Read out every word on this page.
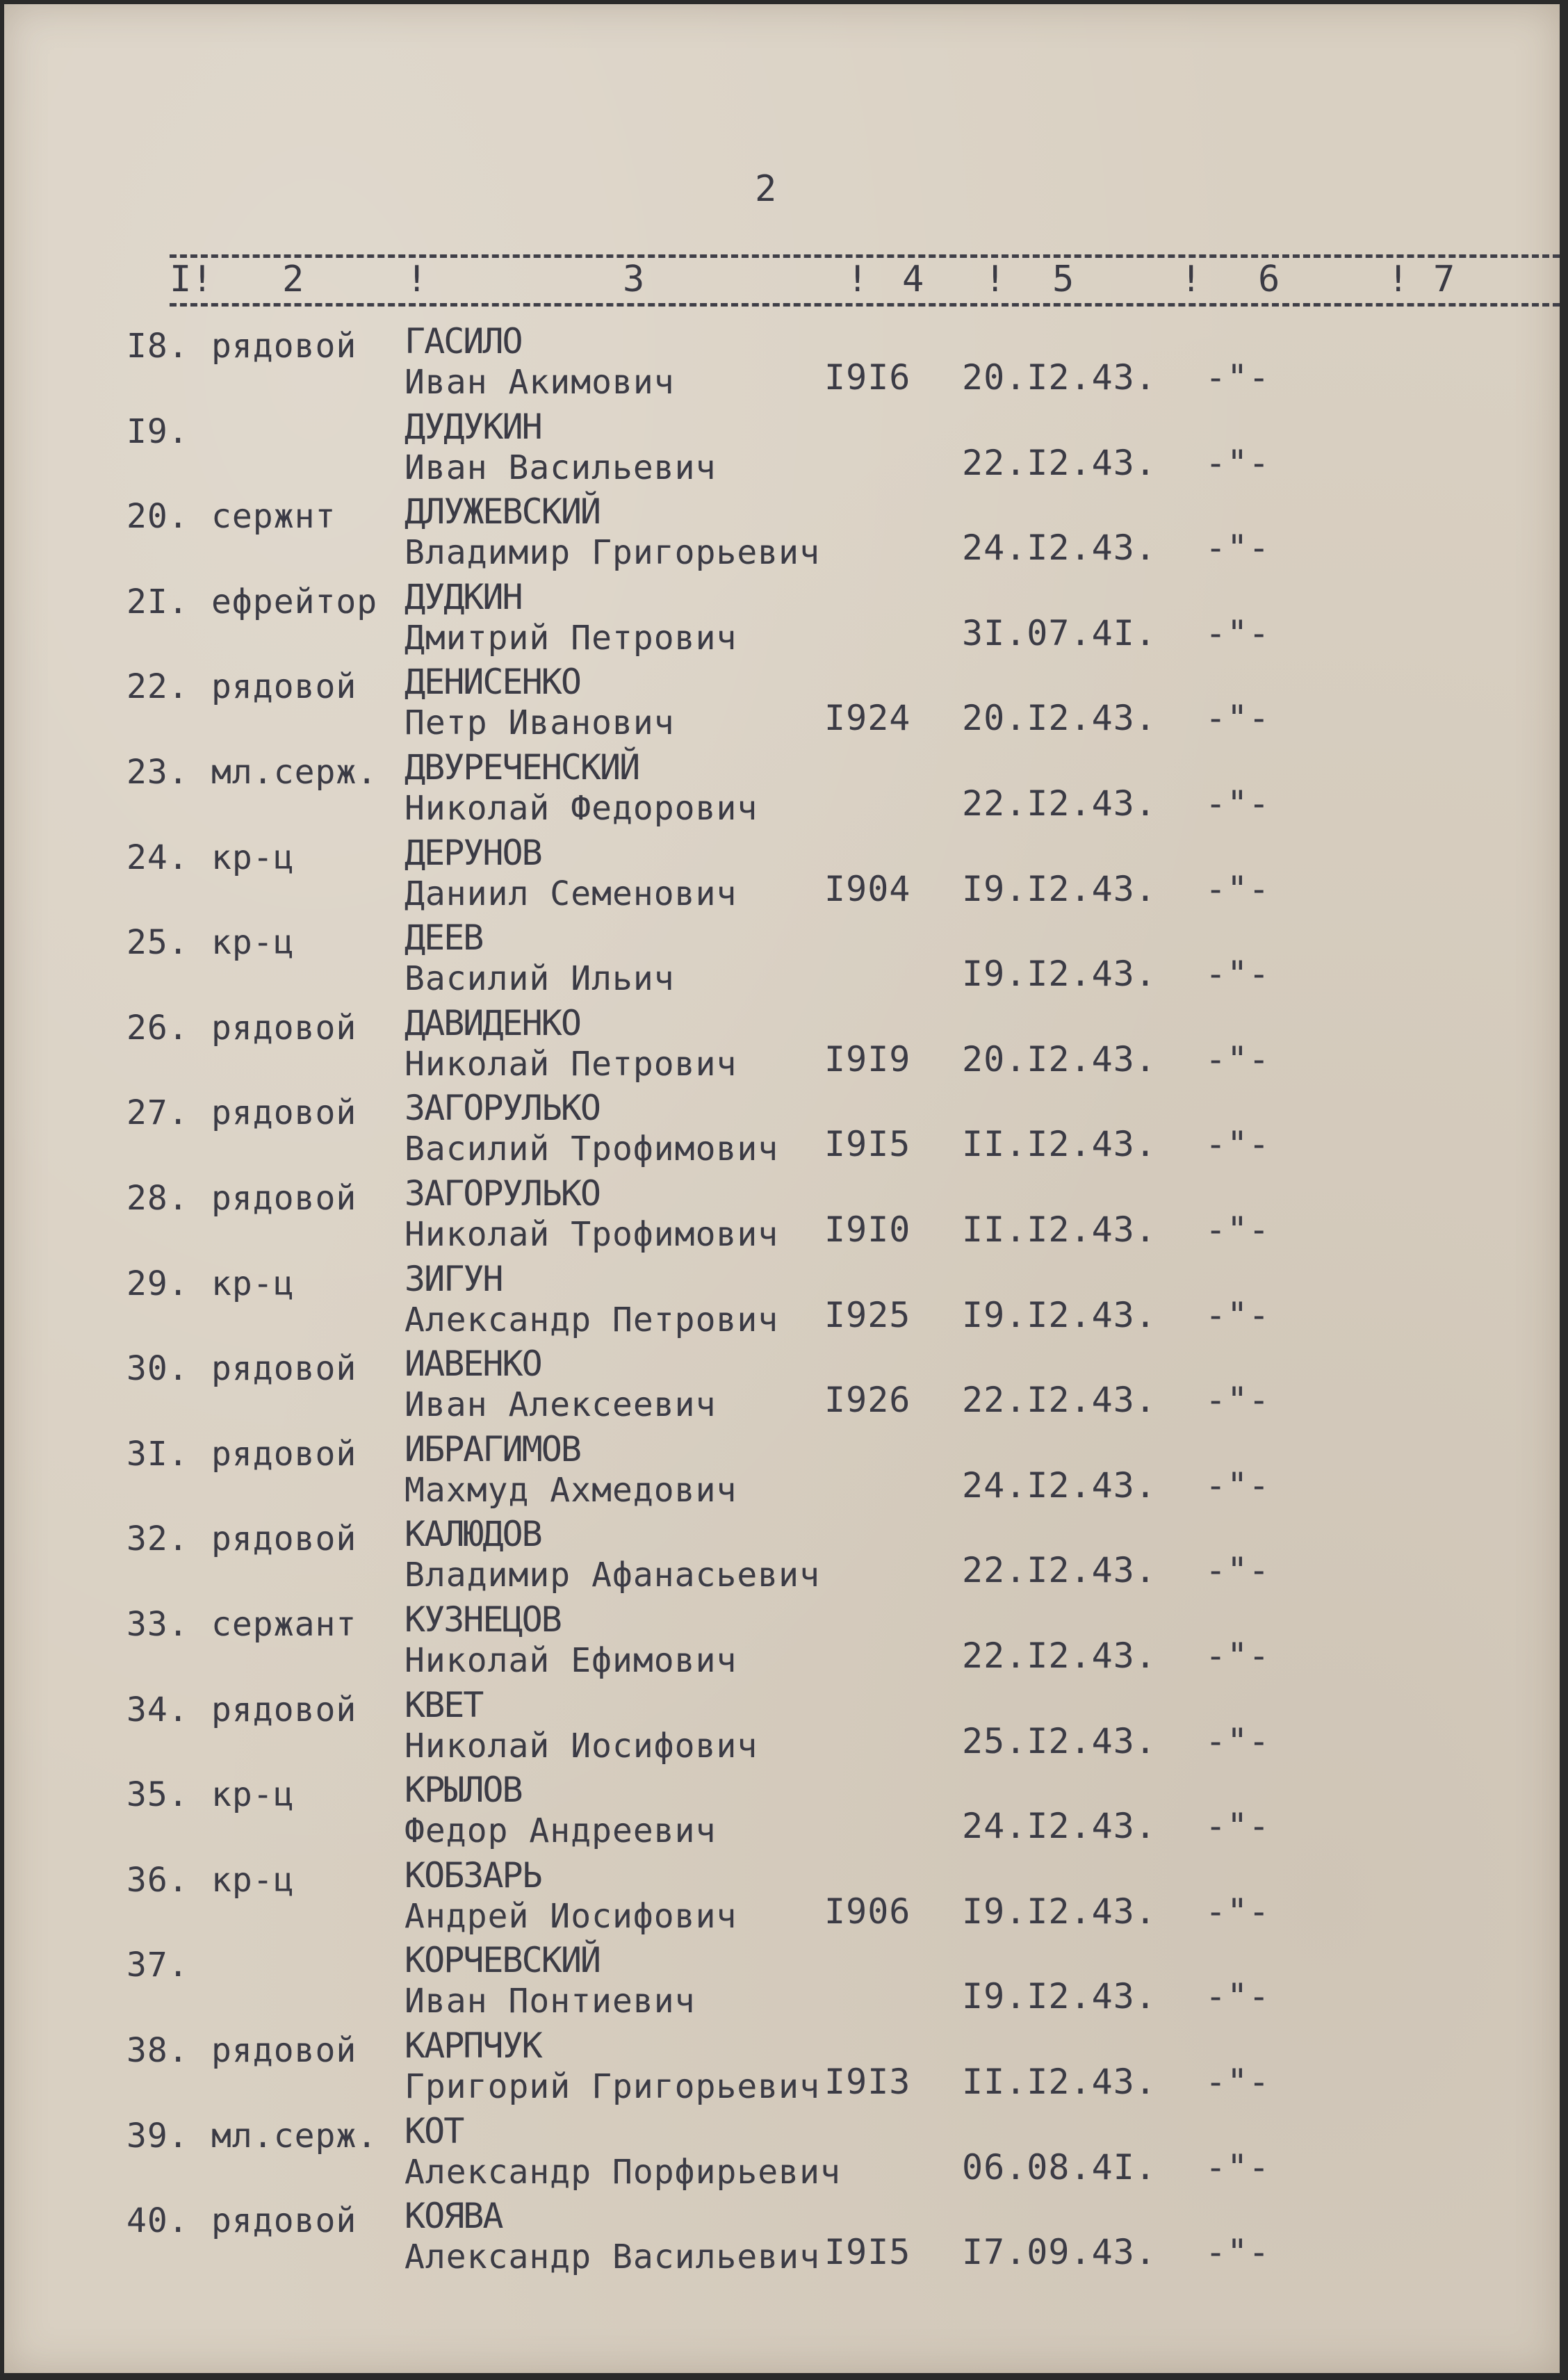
2
I! 2	!	3	! 4 ! 5	! 6	! 7
I8. рядовой ГАСИЛО
Иван Акимович	I9I6 20.I2.43. -"-
I9.	ДУДУКИН
Иван Васильевич	22.I2.43. -"-
20. сержнт ДЛУЖЕВСКИЙ
Владимир Григорьевич	24.I2.43. -"-
2I. ефрейтор ДУДКИН
Дмитрий Петрович	3I.07.4I. -"-
22. рядовой ДЕНИСЕНКО
Петр Иванович	I924 20.I2.43. -"-
23. мл.серж. ДВУРЕЧЕНСКИЙ
Николай Федорович	22.I2.43. -"-
24. кр-ц	ДЕРУНОВ
Даниил Семенович	I904 I9.I2.43. -"-
25. кр-ц	ДЕЕВ
Василий Ильич	I9.I2.43. -"-
26. рядовой ДАВИДЕНКО
Николай Петрович	I9I9 20.I2.43. -"-
27. рядовой ЗАГОРУЛЬКО
Василий Трофимович I9I5 II.I2.43. -"-
28. рядовой ЗАГОРУЛЬКО
Николай Трофимович I9I0 II.I2.43. -"-
29. кр-ц	ЗИГУН
Александр Петрович I925 I9.I2.43. -"-
30. рядовой ИАВЕНКО
Иван Алексеевич	I926 22.I2.43. -"-
3I. рядовой ИБРАГИМОВ
Махмуд Ахмедович	24.I2.43. -"-
32. рядовой КАЛЮДОВ
Владимир Афанасьевич	22.I2.43. -"-
33. сержант КУЗНЕЦОВ
Николай Ефимович	22.I2.43. -"-
34. рядовой КВЕТ
Николай Иосифович	25.I2.43. -"-
35. кр-ц	КРЫЛОВ
Федор Андреевич	24.I2.43. -"-
36. кр-ц	КОБЗАРЬ
Андрей Иосифович	I906 I9.I2.43. -"-
37.	КОРЧЕВСКИЙ
Иван Понтиевич	I9.I2.43. -"-
38. рядовой КАРПЧУК
Григорий Григорьевич I9I3 II.I2.43. -"-
39. мл.серж. КОТ
Александр Порфирьевич	06.08.4I. -"-
40. рядовой КОЯВА
Александр Васильевич I9I5 I7.09.43. -"-
